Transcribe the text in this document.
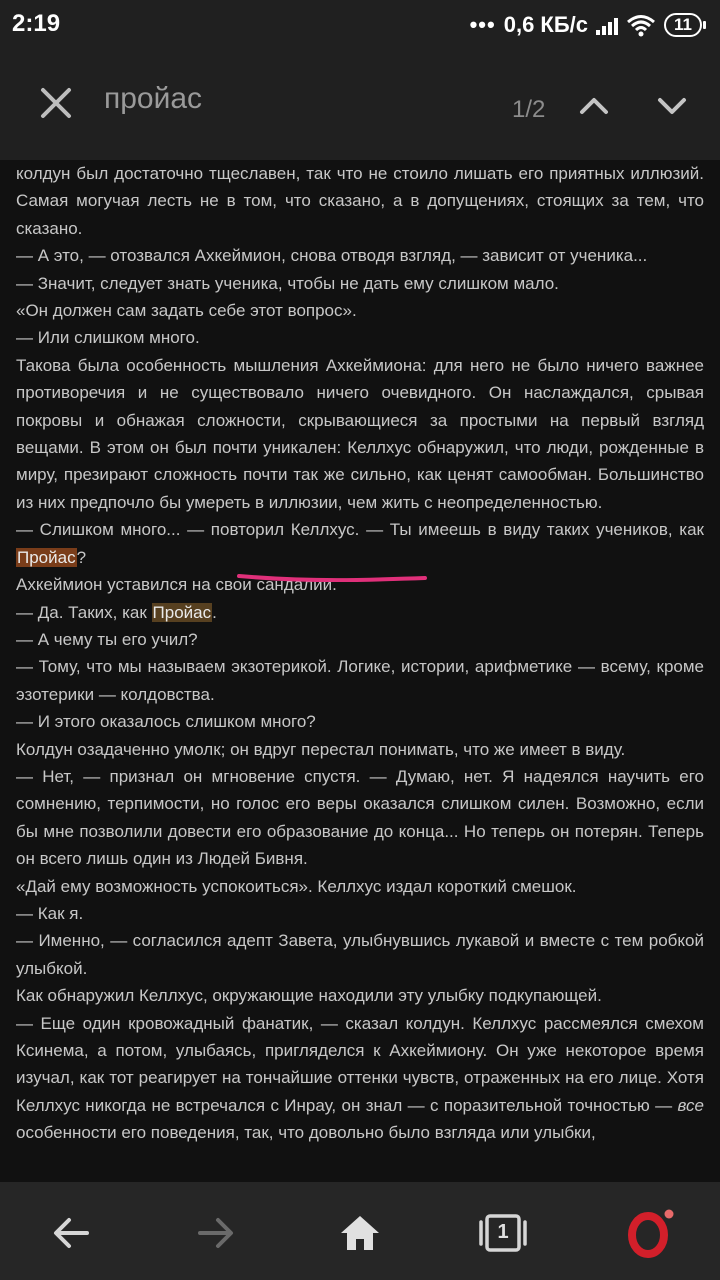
2:19	••• 0,6 КБ/с	11
пройас
1/2

колдун был достаточно тщеславен, так что не стоило лишать его приятных иллюзий. Самая могучая лесть не в том, что сказано, а в допущениях, стоящих за тем, что сказано.

— А это, — отозвался Ахкеймион, снова отводя взгляд, — зависит от ученика...

— Значит, следует знать ученика, чтобы не дать ему слишком мало.

«Он должен сам задать себе этот вопрос».

— Или слишком много.

Такова была особенность мышления Ахкеймиона: для него не было ничего важнее противоречия и не существовало ничего очевидного. Он наслаждался, срывая покровы и обнажая сложности, скрывающиеся за простыми на первый взгляд вещами. В этом он был почти уникален: Келлхус обнаружил, что люди, рожденные в миру, презирают сложность почти так же сильно, как ценят самообман. Большинство из них предпочло бы умереть в иллюзии, чем жить с неопределенностью.

— Слишком много... — повторил Келлхус. — Ты имеешь в виду таких учеников, как Пройас?

Ахкеймион уставился на свои сандалии.

— Да. Таких, как Пройас.

— А чему ты его учил?

— Тому, что мы называем экзотерикой. Логике, истории, арифметике — всему, кроме эзотерики — колдовства.

— И этого оказалось слишком много?

Колдун озадаченно умолк; он вдруг перестал понимать, что же имеет в виду.

— Нет, — признал он мгновение спустя. — Думаю, нет. Я надеялся научить его сомнению, терпимости, но голос его веры оказался слишком силен. Возможно, если бы мне позволили довести его образование до конца... Но теперь он потерян. Теперь он всего лишь один из Людей Бивня.

«Дай ему возможность успокоиться». Келлхус издал короткий смешок.

— Как я.

— Именно, — согласился адепт Завета, улыбнувшись лукавой и вместе с тем робкой улыбкой.

Как обнаружил Келлхус, окружающие находили эту улыбку подкупающей.

— Еще один кровожадный фанатик, — сказал колдун. Келлхус рассмеялся смехом Ксинема, а потом, улыбаясь, пригляделся к Ахкеймиону. Он уже некоторое время изучал, как тот реагирует на тончайшие оттенки чувств, отраженных на его лице. Хотя Келлхус никогда не встречался с Инрау, он знал — с поразительной точностью — все особенности его поведения, так, что довольно было взгляда или улыбки,

1
